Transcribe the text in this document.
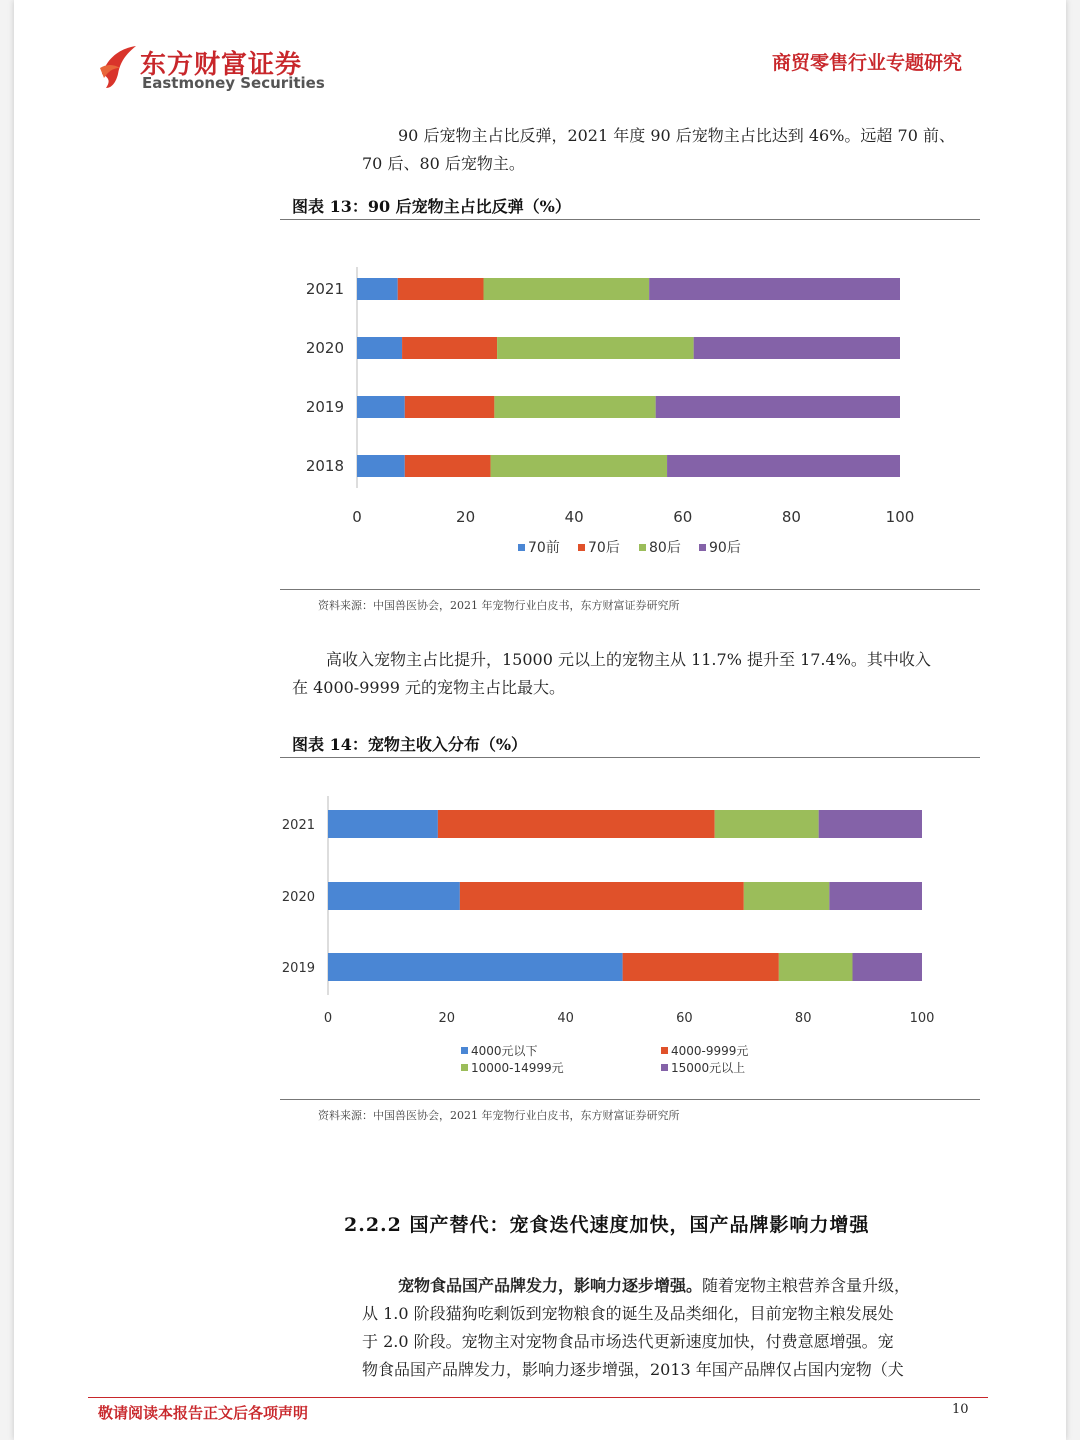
东方财富证券
Eastmoney Securities
商贸零售行业专题研究
90 后宠物主占比反弹，2021 年度 90 后宠物主占比达到 46%。远超 70 前、
70 后、80 后宠物主。
图表 13：90 后宠物主占比反弹（%）
2021
2020
2019
2018
0	20	40	60	80	100
70前 70后 80后 90后
资料来源：中国兽医协会，2021 年宠物行业白皮书，东方财富证券研究所
高收入宠物主占比提升，15000 元以上的宠物主从 11.7% 提升至 17.4%。其中收入
在 4000-9999 元的宠物主占比最大。
图表 14：宠物主收入分布（%）
2021
2020
2019
0	20	40	60	80	100
4000元以下	4000-9999元
10000-14999元	15000元以上
资料来源：中国兽医协会，2021 年宠物行业白皮书，东方财富证券研究所
2.2.2 国产替代：宠食迭代速度加快，国产品牌影响力增强
宠物食品国产品牌发力，影响力逐步增强。随着宠物主粮营养含量升级，
从 1.0 阶段猫狗吃剩饭到宠物粮食的诞生及品类细化，目前宠物主粮发展处
于 2.0 阶段。宠物主对宠物食品市场迭代更新速度加快，付费意愿增强。宠
物食品国产品牌发力，影响力逐步增强，2013 年国产品牌仅占国内宠物（犬
敬请阅读本报告正文后各项声明	10
